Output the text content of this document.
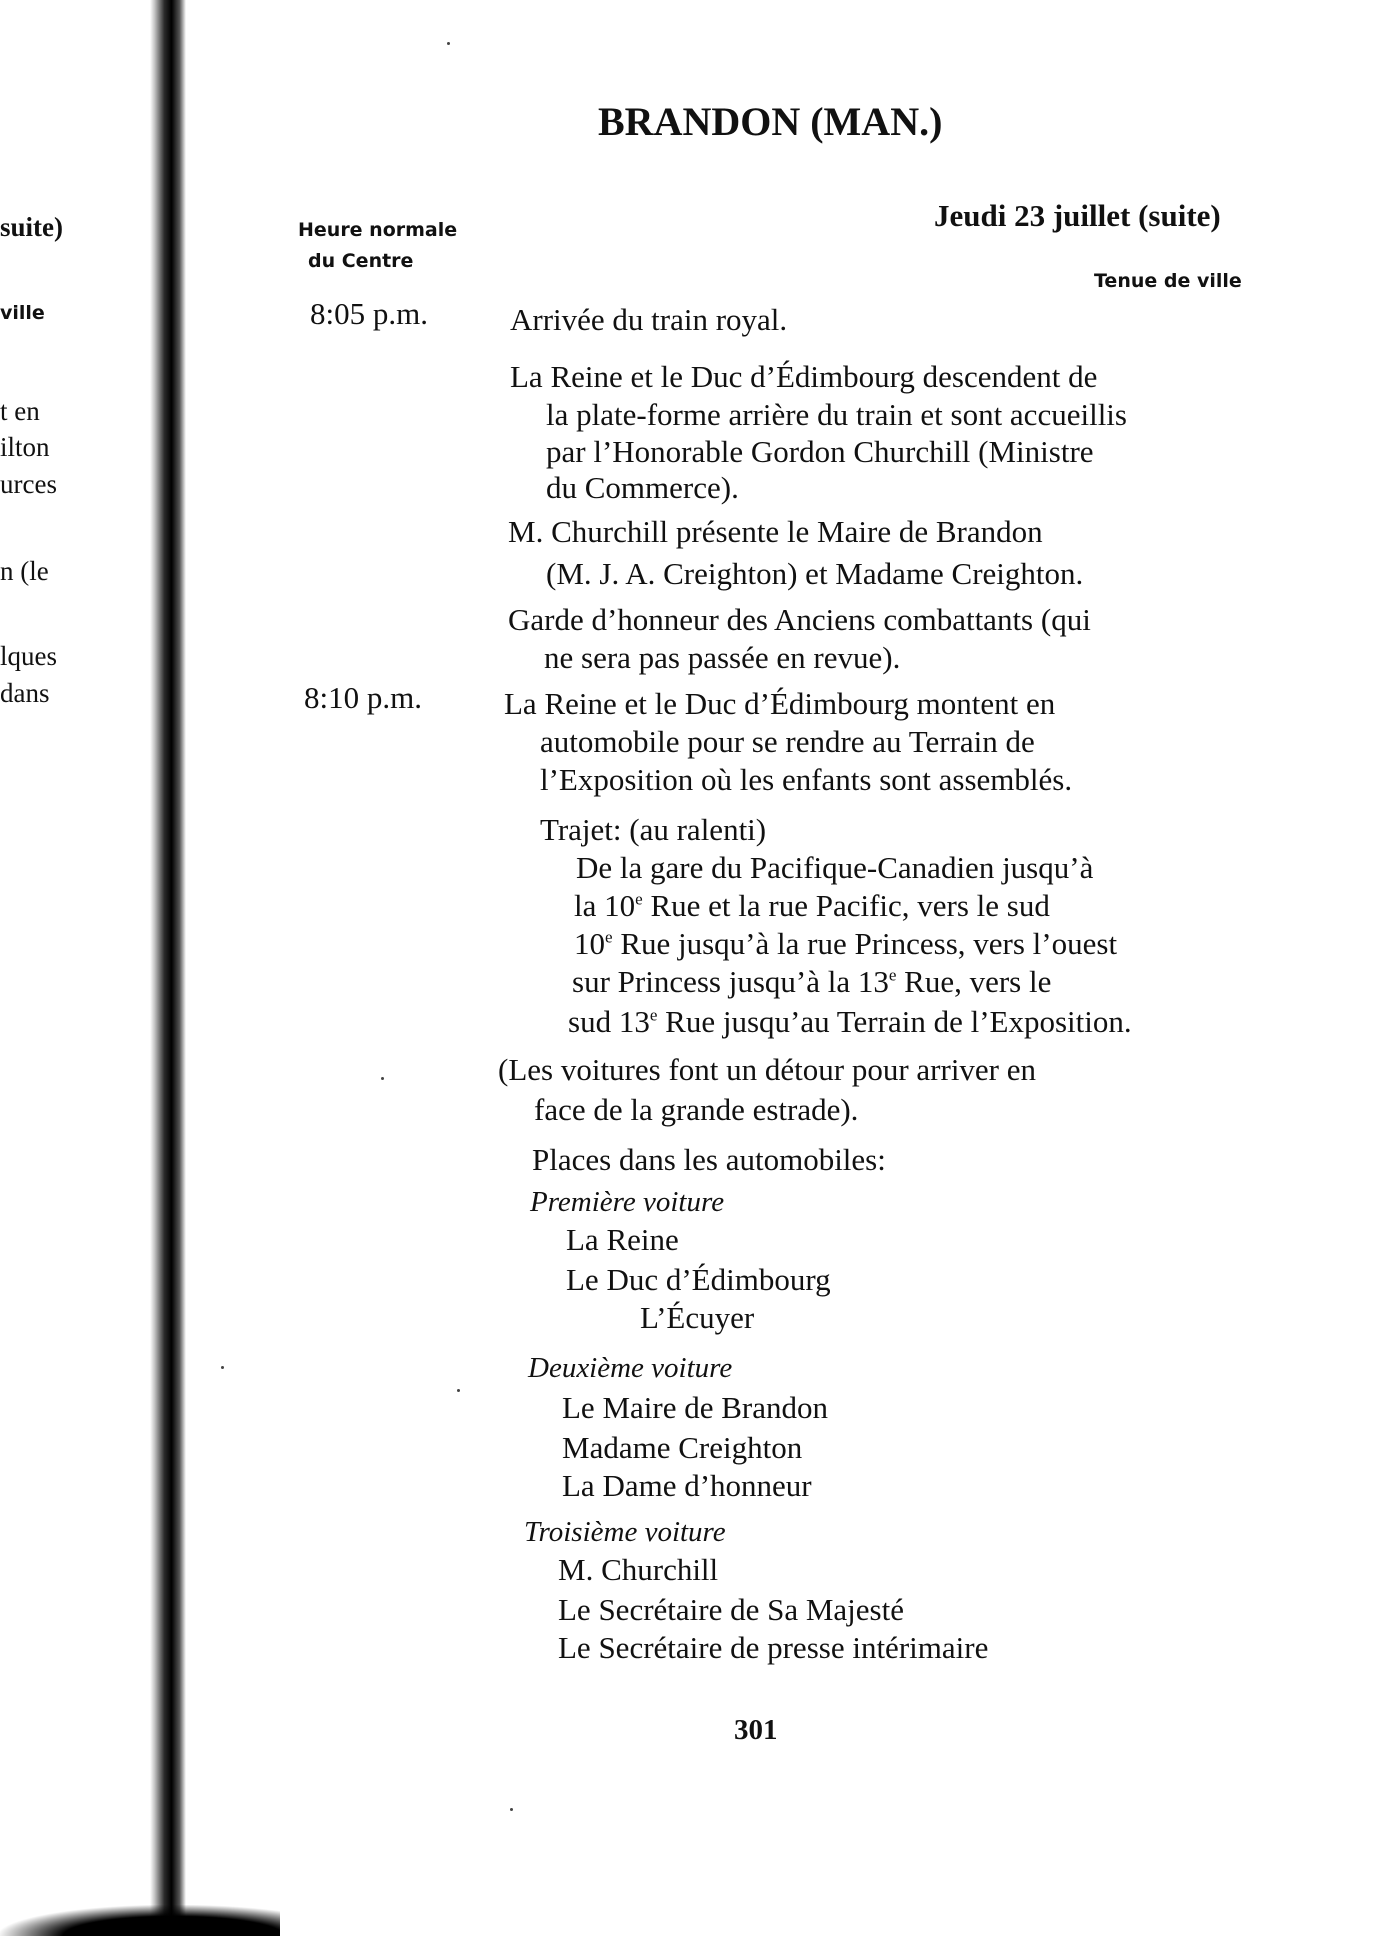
suite)
ville
t en
ilton
urces
n (le
lques
dans
BRANDON (MAN.)
Jeudi 23 juillet (suite)
Heure normale
du Centre
Tenue de ville
8:05 p.m.	Arrivée du train royal.
La Reine et le Duc d’Édimbourg descendent de
la plate-forme arrière du train et sont accueillis
par l’Honorable Gordon Churchill (Ministre
du Commerce).
M. Churchill présente le Maire de Brandon
(M. J. A. Creighton) et Madame Creighton.
Garde d’honneur des Anciens combattants (qui
ne sera pas passée en revue).
8:10 p.m.	La Reine et le Duc d’Édimbourg montent en
automobile pour se rendre au Terrain de
l’Exposition où les enfants sont assemblés.
Trajet: (au ralenti)
De la gare du Pacifique-Canadien jusqu’à
la 10e Rue et la rue Pacific, vers le sud
10e Rue jusqu’à la rue Princess, vers l’ouest
sur Princess jusqu’à la 13e Rue, vers le
sud 13e Rue jusqu’au Terrain de l’Exposition.
(Les voitures font un détour pour arriver en
face de la grande estrade).
Places dans les automobiles:
Première voiture
La Reine
Le Duc d’Édimbourg
L’Écuyer
Deuxième voiture
Le Maire de Brandon
Madame Creighton
La Dame d’honneur
Troisième voiture
M. Churchill
Le Secrétaire de Sa Majesté
Le Secrétaire de presse intérimaire
301
